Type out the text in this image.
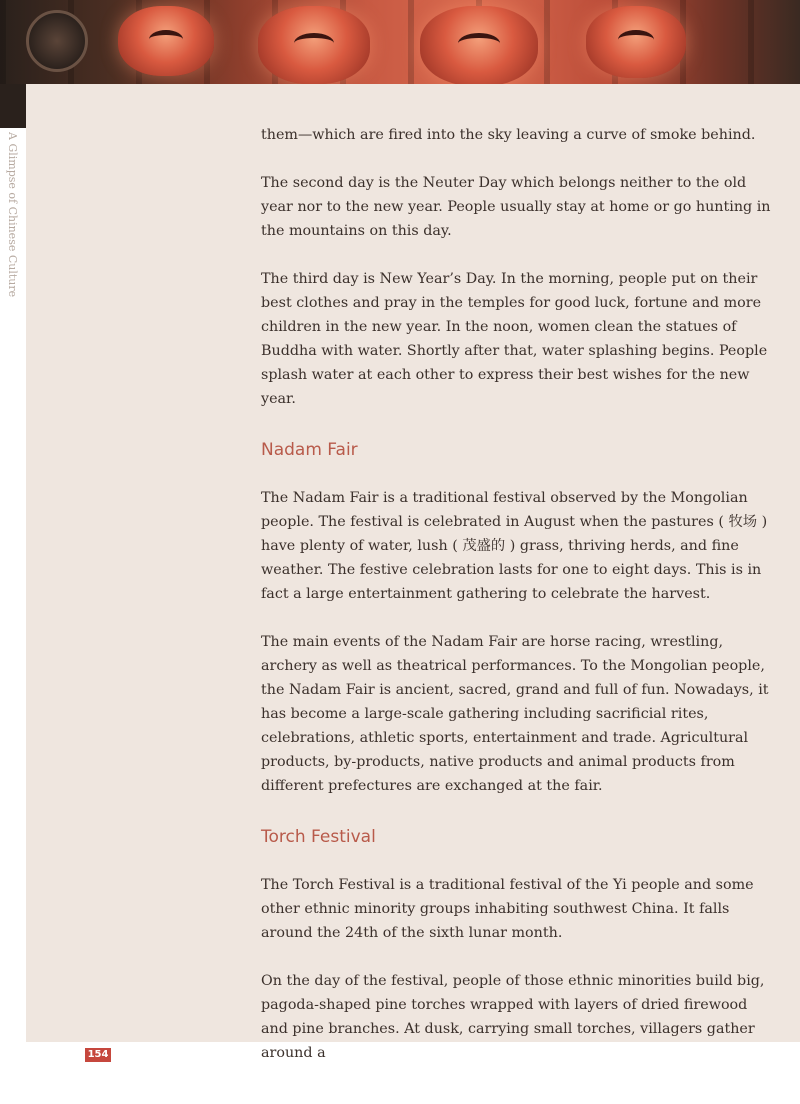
A Glimpse of Chinese Culture	them—which are fired into the sky leaving a curve of smoke behind.

The second day is the Neuter Day which belongs neither to the old year nor to the new year. People usually stay at home or go hunting in the mountains on this day.

The third day is New Year’s Day. In the morning, people put on their best clothes and pray in the temples for good luck, fortune and more children in the new year. In the noon, women clean the statues of Buddha with water. Shortly after that, water splashing begins. People splash water at each other to express their best wishes for the new year.

Nadam Fair

The Nadam Fair is a traditional festival observed by the Mongolian people. The festival is celebrated in August when the pastures ( 牧场 ) have plenty of water, lush ( 茂盛的 ) grass, thriving herds, and fine weather. The festive celebration lasts for one to eight days. This is in fact a large entertainment gathering to celebrate the harvest.

The main events of the Nadam Fair are horse racing, wrestling, archery as well as theatrical performances. To the Mongolian people, the Nadam Fair is ancient, sacred, grand and full of fun. Nowadays, it has become a large-scale gathering including sacrificial rites, celebrations, athletic sports, entertainment and trade. Agricultural products, by-products, native products and animal products from different prefectures are exchanged at the fair.

Torch Festival

The Torch Festival is a traditional festival of the Yi people and some other ethnic minority groups inhabiting southwest China. It falls around the 24th of the sixth lunar month.

On the day of the festival, people of those ethnic minorities build big, pagoda-shaped pine torches wrapped with layers of dried firewood and pine branches. At dusk, carrying small torches, villagers gather around a

154
